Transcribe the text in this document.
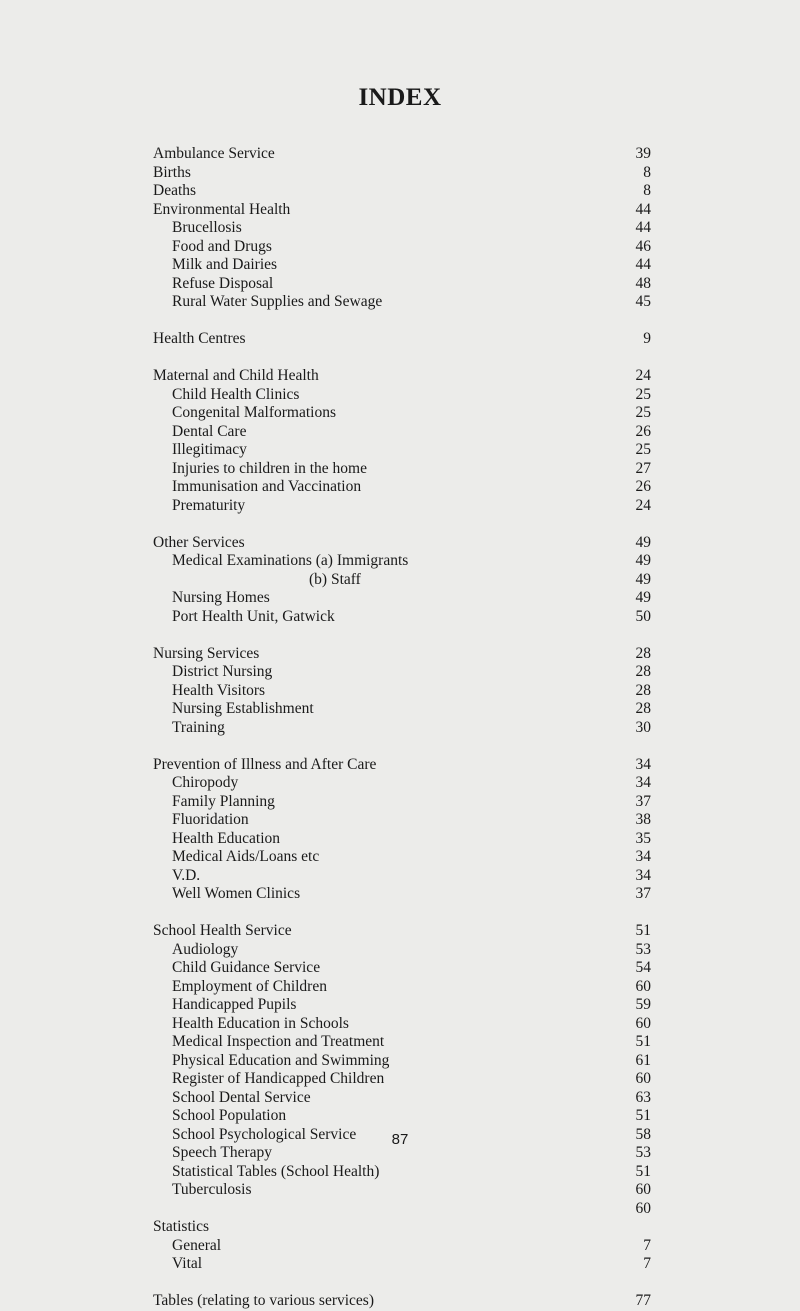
INDEX
Ambulance Service	39
Births	8
Deaths	8
Environmental Health	44
Brucellosis	44
Food and Drugs	46
Milk and Dairies	44
Refuse Disposal	48
Rural Water Supplies and Sewage	45
Health Centres	9
Maternal and Child Health	24
Child Health Clinics	25
Congenital Malformations	25
Dental Care	26
Illegitimacy	25
Injuries to children in the home	27
Immunisation and Vaccination	26
Prematurity	24
Other Services	49
Medical Examinations (a) Immigrants	49
(b) Staff	49
Nursing Homes	49
Port Health Unit, Gatwick	50
Nursing Services	28
District Nursing	28
Health Visitors	28
Nursing Establishment	28
Training	30
Prevention of Illness and After Care	34
Chiropody	34
Family Planning	37
Fluoridation	38
Health Education	35
Medical Aids/Loans etc	34
V.D.	34
Well Women Clinics	37
School Health Service	51
Audiology	53
Child Guidance Service	54
Employment of Children	60
Handicapped Pupils	59
Health Education in Schools	60
Medical Inspection and Treatment	51
Physical Education and Swimming	61
Register of Handicapped Children	60
School Dental Service	63
School Population	51
School Psychological Service	58
Speech Therapy	53
Statistical Tables (School Health)	51
Tuberculosis	60
60
Statistics
General	7
Vital	7
Tables (relating to various services)	77
87
